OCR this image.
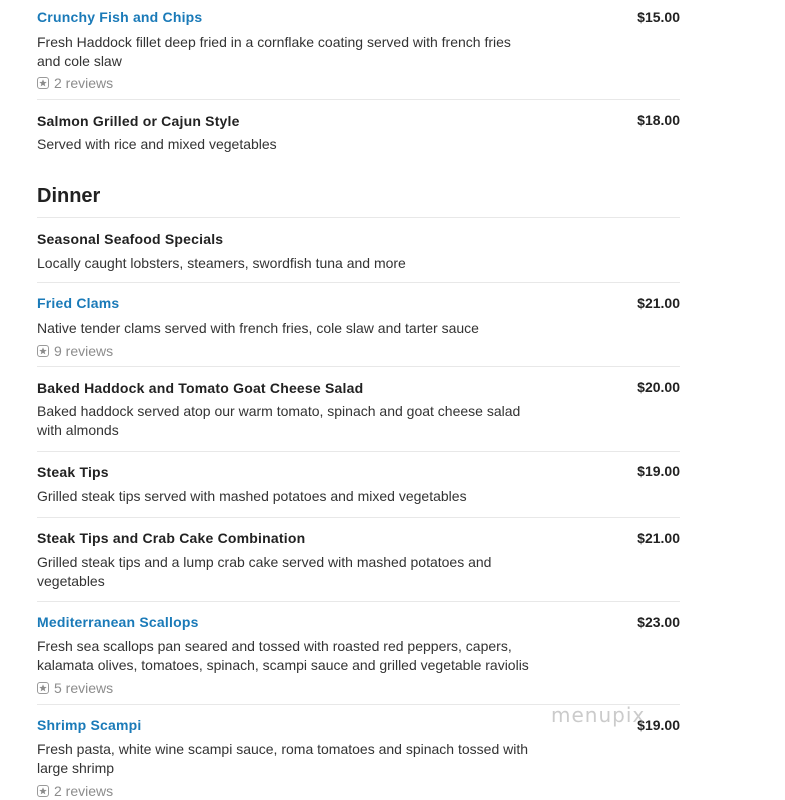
Crunchy Fish and Chips	$15.00
Fresh Haddock fillet deep fried in a cornflake coating served with french fries and cole slaw
2 reviews
Salmon Grilled or Cajun Style	$18.00
Served with rice and mixed vegetables
Dinner
Seasonal Seafood Specials
Locally caught lobsters, steamers, swordfish tuna and more
Fried Clams	$21.00
Native tender clams served with french fries, cole slaw and tarter sauce
9 reviews
Baked Haddock and Tomato Goat Cheese Salad	$20.00
Baked haddock served atop our warm tomato, spinach and goat cheese salad with almonds
Steak Tips	$19.00
Grilled steak tips served with mashed potatoes and mixed vegetables
Steak Tips and Crab Cake Combination	$21.00
Grilled steak tips and a lump crab cake served with mashed potatoes and vegetables
Mediterranean Scallops	$23.00
Fresh sea scallops pan seared and tossed with roasted red peppers, capers, kalamata olives, tomatoes, spinach, scampi sauce and grilled vegetable raviolis
5 reviews
Shrimp Scampi	$19.00
Fresh pasta, white wine scampi sauce, roma tomatoes and spinach tossed with large shrimp
2 reviews
menupix
